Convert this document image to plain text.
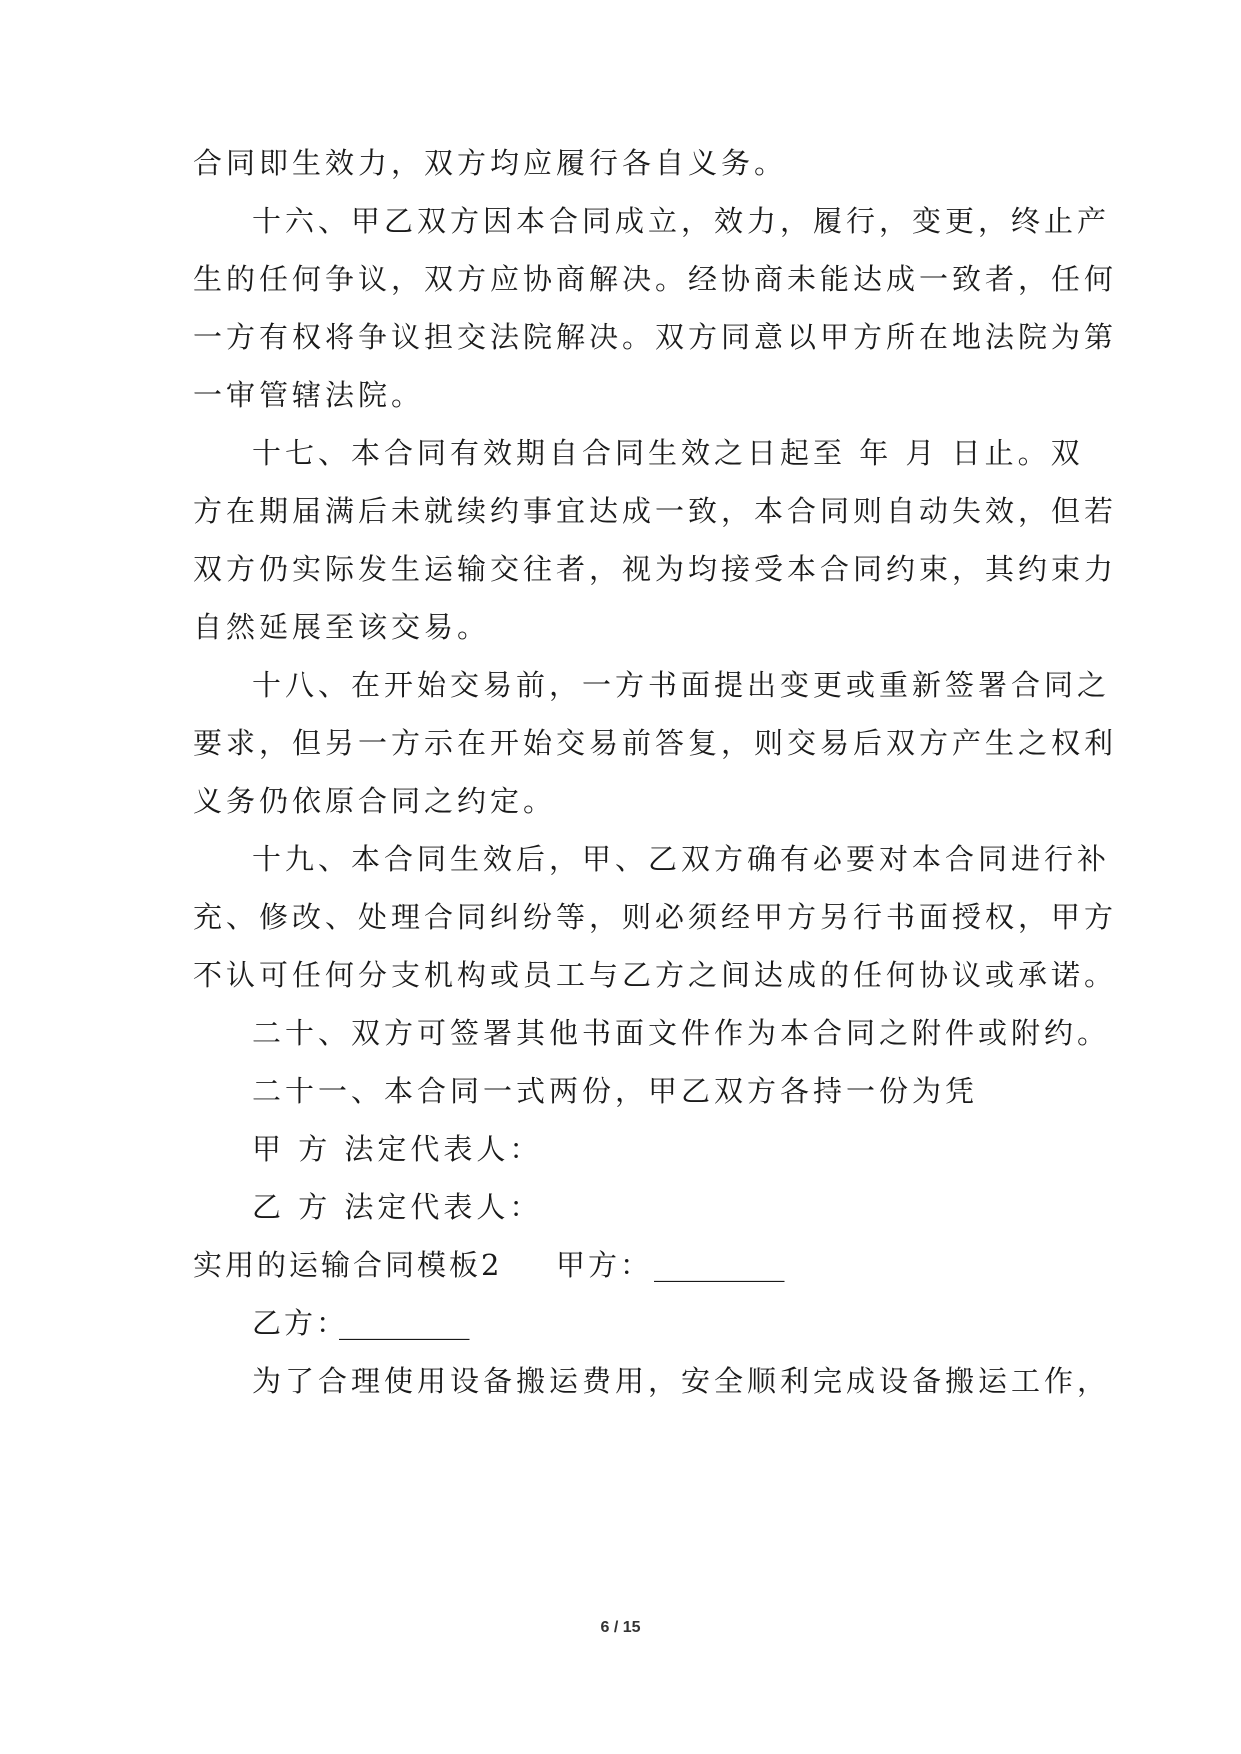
合同即生效力，双方均应履行各自义务。
十六、甲乙双方因本合同成立，效力，履行，变更，终止产
生的任何争议，双方应协商解决。经协商未能达成一致者，任何
一方有权将争议担交法院解决。双方同意以甲方所在地法院为第
一审管辖法院。
十七、本合同有效期自合同生效之日起至 年 月 日止。双
方在期届满后未就续约事宜达成一致，本合同则自动失效，但若
双方仍实际发生运输交往者，视为均接受本合同约束，其约束力
自然延展至该交易。
十八、在开始交易前，一方书面提出变更或重新签署合同之
要求，但另一方示在开始交易前答复，则交易后双方产生之权利
义务仍依原合同之约定。
十九、本合同生效后，甲、乙双方确有必要对本合同进行补
充、修改、处理合同纠纷等，则必须经甲方另行书面授权，甲方
不认可任何分支机构或员工与乙方之间达成的任何协议或承诺。
二十、双方可签署其他书面文件作为本合同之附件或附约。
二十一、本合同一式两份，甲乙双方各持一份为凭
甲 方 法定代表人：
乙 方 法定代表人：
实用的运输合同模板2 甲方： _________
乙方：
_________
为了合理使用设备搬运费用，安全顺利完成设备搬运工作，
6 / 15
